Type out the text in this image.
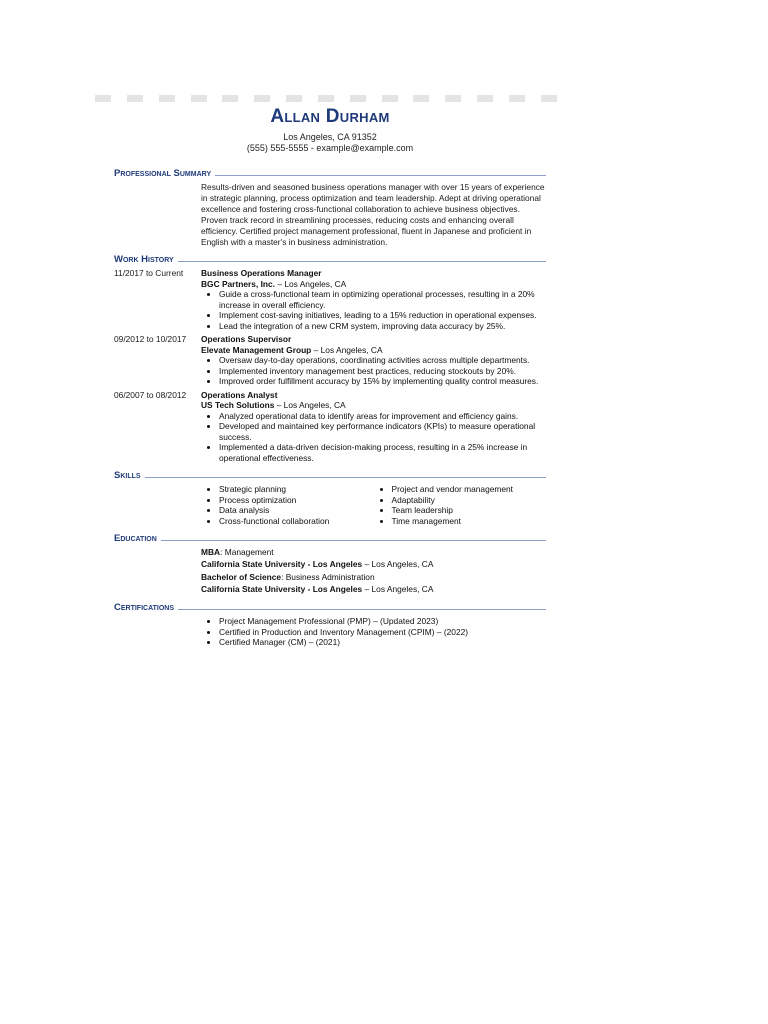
Allan Durham
Los Angeles, CA 91352
(555) 555-5555 - example@example.com
Professional Summary
Results-driven and seasoned business operations manager with over 15 years of experience in strategic planning, process optimization and team leadership. Adept at driving operational excellence and fostering cross-functional collaboration to achieve business objectives. Proven track record in streamlining processes, reducing costs and enhancing overall efficiency. Certified project management professional, fluent in Japanese and proficient in English with a master's in business administration.
Work History
11/2017 to Current	Business Operations Manager
BGC Partners, Inc. – Los Angeles, CA
• Guide a cross-functional team in optimizing operational processes, resulting in a 20% increase in overall efficiency.
• Implement cost-saving initiatives, leading to a 15% reduction in operational expenses.
• Lead the integration of a new CRM system, improving data accuracy by 25%.
09/2012 to 10/2017	Operations Supervisor
Elevate Management Group – Los Angeles, CA
• Oversaw day-to-day operations, coordinating activities across multiple departments.
• Implemented inventory management best practices, reducing stockouts by 20%.
• Improved order fulfillment accuracy by 15% by implementing quality control measures.
06/2007 to 08/2012	Operations Analyst
US Tech Solutions – Los Angeles, CA
• Analyzed operational data to identify areas for improvement and efficiency gains.
• Developed and maintained key performance indicators (KPIs) to measure operational success.
• Implemented a data-driven decision-making process, resulting in a 25% increase in operational effectiveness.
Skills
• Strategic planning
• Process optimization
• Data analysis
• Cross-functional collaboration
• Project and vendor management
• Adaptability
• Team leadership
• Time management
Education
MBA: Management
California State University - Los Angeles – Los Angeles, CA
Bachelor of Science: Business Administration
California State University - Los Angeles – Los Angeles, CA
Certifications
• Project Management Professional (PMP) – (Updated 2023)
• Certified in Production and Inventory Management (CPIM) – (2022)
• Certified Manager (CM) – (2021)
